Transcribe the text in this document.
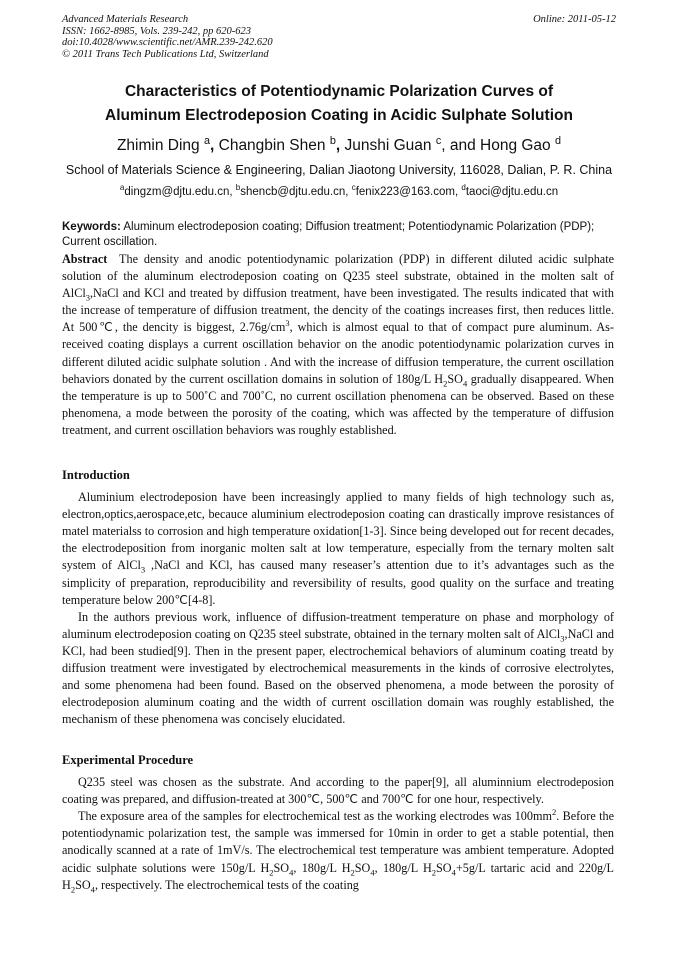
Advanced Materials Research
ISSN: 1662-8985, Vols. 239-242, pp 620-623
doi:10.4028/www.scientific.net/AMR.239-242.620
© 2011 Trans Tech Publications Ltd, Switzerland
Online: 2011-05-12
Characteristics of Potentiodynamic Polarization Curves of
Aluminum Electrodeposion Coating in Acidic Sulphate Solution
Zhimin Ding $^a$, Changbin Shen $^b$, Junshi Guan $^c$, and Hong Gao $^d$
School of Materials Science & Engineering, Dalian Jiaotong University, 116028, Dalian, P. R. China
$^a$dingzm@djtu.edu.cn, $^b$shencb@djtu.edu.cn, $^c$fenix223@163.com, $^d$taoci@djtu.edu.cn
Keywords: Aluminum electrodeposion coating; Diffusion treatment; Potentiodynamic Polarization (PDP); Current oscillation.

Abstract The density and anodic potentiodynamic polarization (PDP) in different diluted acidic sulphate solution of the aluminum electrodeposion coating on Q235 steel substrate, obtained in the molten salt of AlCl$_3$,NaCl and KCl and treated by diffusion treatment, have been investigated. The results indicated that with the increase of temperature of diffusion treatment, the dencity of the coatings increases first, then reduces little. At 500℃, the dencity is biggest, $2.76g/cm^3$, which is almost equal to that of compact pure aluminum. As-received coating displays a current oscillation behavior on the anodic potentiodynamic polarization curves in different diluted acidic sulphate solution . And with the increase of diffusion temperature, the current oscillation behaviors donated by the current oscillation domains in solution of 180g/L $H_2SO_4$ gradually disappeared. When the temperature is up to 500˚C and 700˚C, no current oscillation phenomena can be observed. Based on these phenomena, a mode between the porosity of the coating, which was affected by the temperature of diffusion treatment, and current oscillation behaviors was roughly established.

Introduction

Aluminium electrodeposion have been increasingly applied to many fields of high technology such as, electron,optics,aerospace,etc, becauce aluminium electrodeposion coating can drastically improve resistances of matel materialss to corrosion and high temperature oxidation[1-3]. Since being developed out for recent decades, the electrodeposition from inorganic molten salt at low temperature, especially from the ternary molten salt system of AlCl$_3$ ,NaCl and KCl, has caused many reseaser’s attention due to it’s advantages such as the simplicity of preparation, reproducibility and reversibility of results, good quality on the surface and treating temperature below 200℃[4-8].

In the authors previous work, influence of diffusion-treatment temperature on phase and morphology of aluminum electrodeposion coating on Q235 steel substrate, obtained in the ternary molten salt of AlCl$_3$,NaCl and KCl, had been studied[9]. Then in the present paper, electrochemical behaviors of aluminum coating treatd by diffusion treatment were investigated by electrochemical measurements in the kinds of corrosive electrolytes, and some phenomena had been found. Based on the observed phenomena, a mode between the porosity of electrodeposion aluminum coating and the width of current oscillation domain was roughly established, the mechanism of these phenomena was concisely elucidated.

Experimental Procedure

Q235 steel was chosen as the substrate. And according to the paper[9], all aluminnium electrodeposion coating was prepared, and diffusion-treated at 300℃, 500℃ and 700℃ for one hour, respectively.

The exposure area of the samples for electrochemical test as the working electrodes was $100mm^2$. Before the potentiodynamic polarization test, the sample was immersed for 10min in order to get a stable potential, then anodically scanned at a rate of 1mV/s. The electrochemical test temperature was ambient temperature. Adopted acidic sulphate solutions were 150g/L $H_2SO_4$, 180g/L $H_2SO_4$, 180g/L $H_2SO_4+5g/L$ tartaric acid and 220g/L $H_2SO_4$, respectively. The electrochemical tests of the coating
